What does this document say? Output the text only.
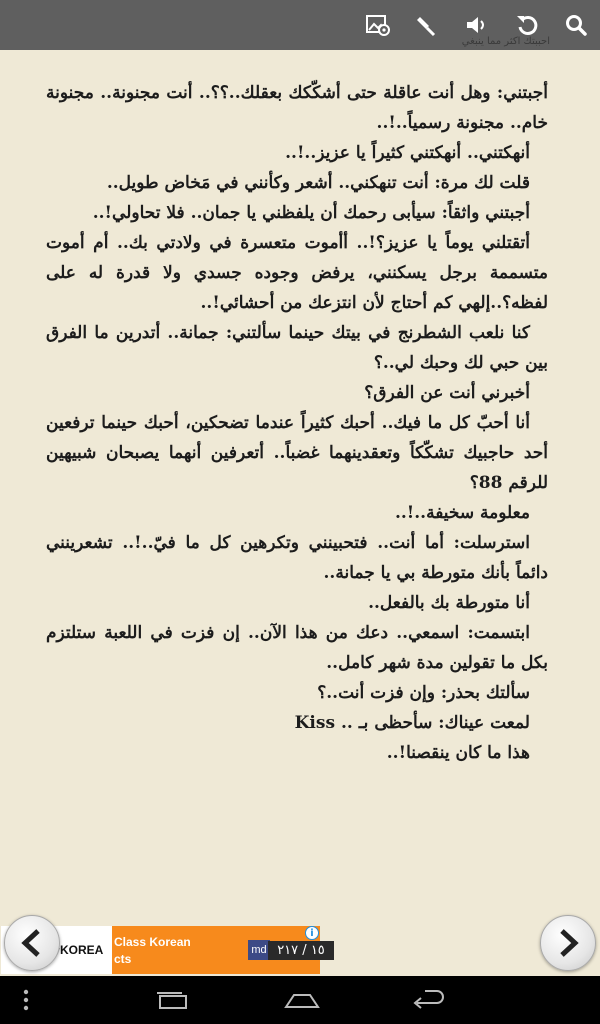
احببتك اكثر مما ينبغي

أجبتني: وهل أنت عاقلة حتى أشكّكك بعقلك..؟؟.. أنت مجنونة.. مجنونة خام.. مجنونة رسمياً..!..

أنهكتني.. أنهكتني كثيراً يا عزيز..!..

قلت لك مرة: أنت تنهكني.. أشعر وكأنني في مَخاض طويل..

أجبتني واثقاً: سيأبى رحمك أن يلفظني يا جمان.. فلا تحاولي!..

أتقتلني يوماً يا عزيز؟!.. أأموت متعسرة في ولادتي بك.. أم أموت متسممة برجل يسكنني، يرفض وجوده جسدي ولا قدرة له على لفظه؟..إلهي كم أحتاج لأن انتزعك من أحشائي!..

كنا نلعب الشطرنج في بيتك حينما سألتني: جمانة.. أتدرين ما الفرق بين حبي لك وحبك لي..؟

أخبرني أنت عن الفرق؟

أنا أحبّ كل ما فيك.. أحبك كثيراً عندما تضحكين، أحبك حينما ترفعين أحد حاجبيك تشكّكاً وتعقدينهما غضباً.. أتعرفين أنهما يصبحان شبيهين للرقم 88؟

معلومة سخيفة..!..

استرسلت: أما أنت.. فتحبينني وتكرهين كل ما فيّ..!.. تشعرينني دائماً بأنك متورطة بي يا جمانة..

أنا متورطة بك بالفعل..

ابتسمت: اسمعي.. دعك من هذا الآن.. إن فزت في اللعبة ستلتزم بكل ما تقولين مدة شهر كامل..

سألتك بحذر: وإن فزت أنت..؟

لمعت عيناك: سأحظى بـ .. Kiss

هذا ما كان ينقصنا!..

KOREA
Class Korean
cts
md
i
١٥ / ٢١٧
